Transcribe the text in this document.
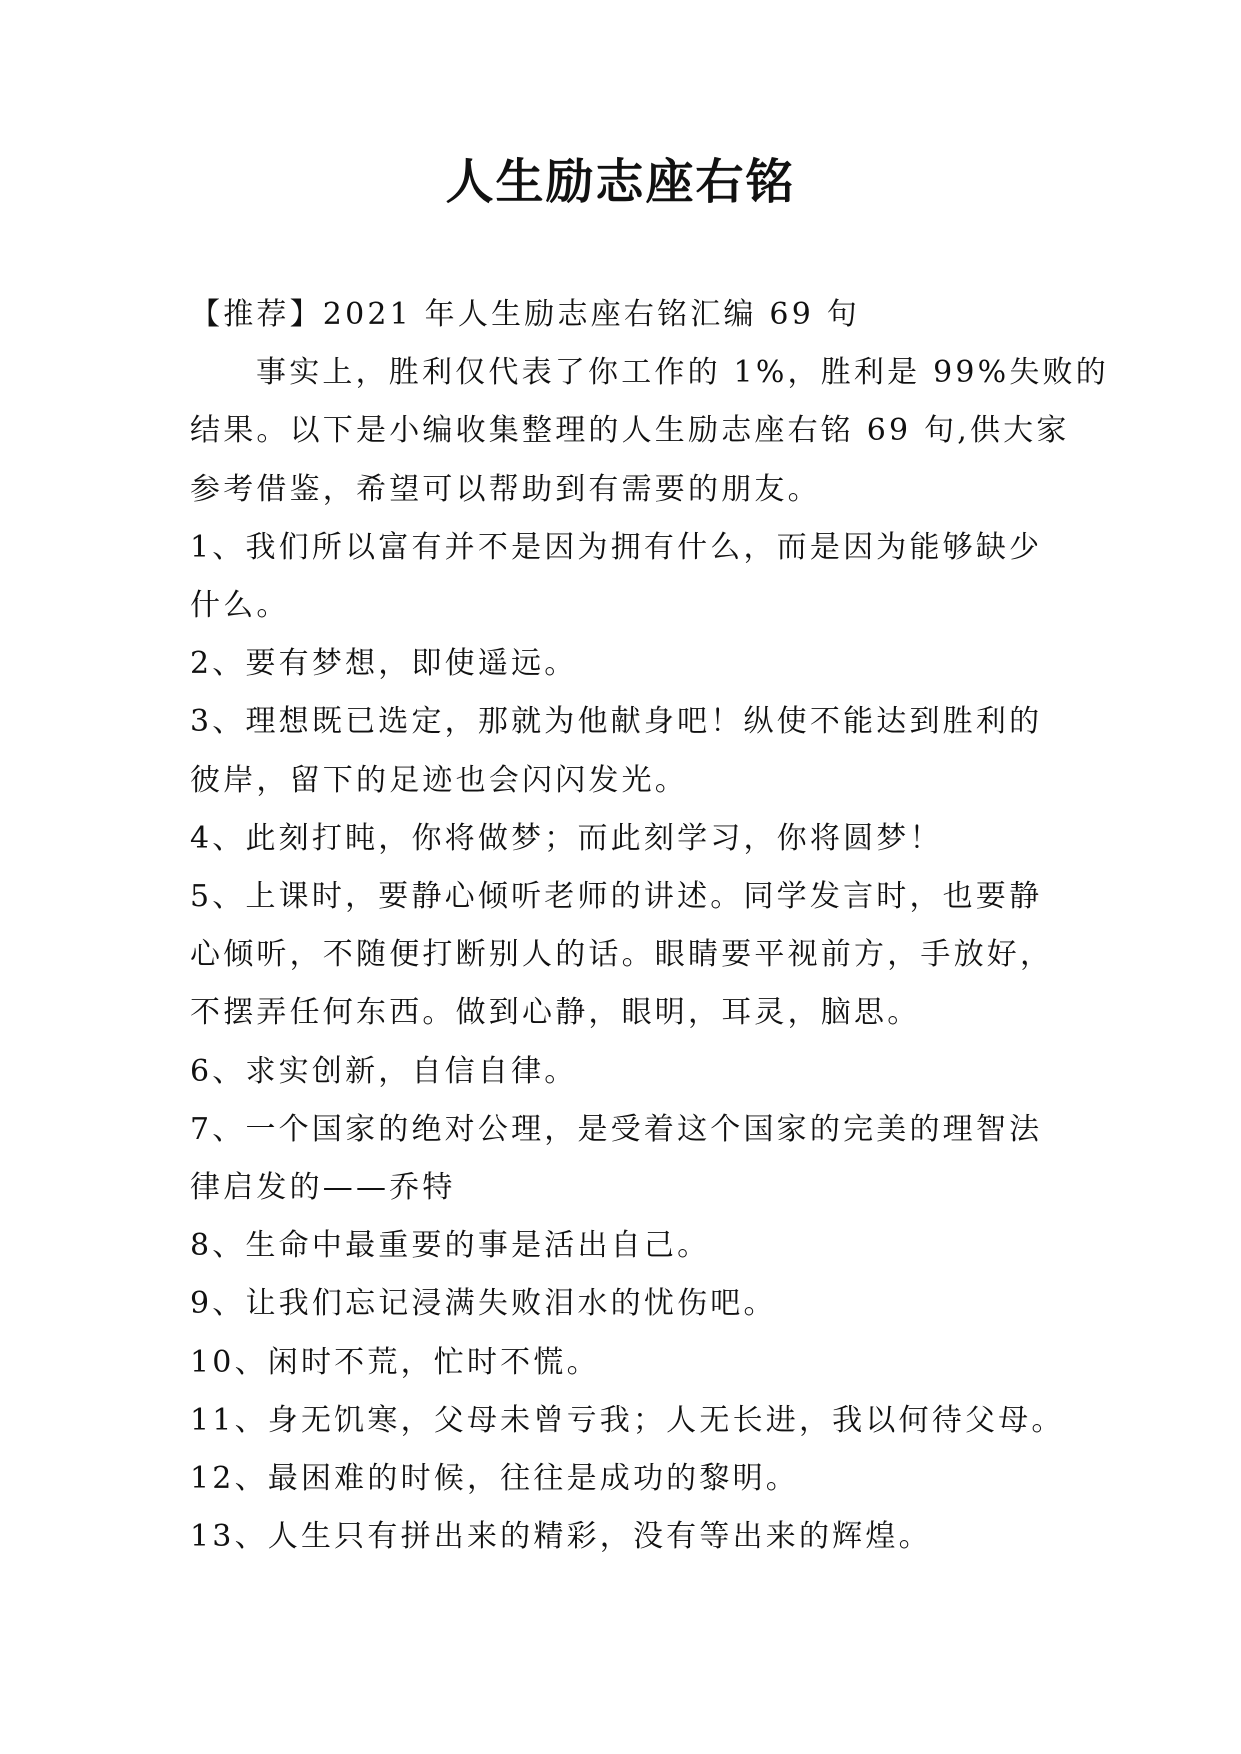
人生励志座右铭
【推荐】2021 年人生励志座右铭汇编 69 句
事实上，胜利仅代表了你工作的 1%，胜利是 99%失败的
结果。以下是小编收集整理的人生励志座右铭 69 句,供大家
参考借鉴，希望可以帮助到有需要的朋友。
1、我们所以富有并不是因为拥有什么，而是因为能够缺少
什么。
2、要有梦想，即使遥远。
3、理想既已选定，那就为他献身吧！纵使不能达到胜利的
彼岸，留下的足迹也会闪闪发光。
4、此刻打盹，你将做梦；而此刻学习，你将圆梦！
5、上课时，要静心倾听老师的讲述。同学发言时，也要静
心倾听，不随便打断别人的话。眼睛要平视前方，手放好，
不摆弄任何东西。做到心静，眼明，耳灵，脑思。
6、求实创新，自信自律。
7、一个国家的绝对公理，是受着这个国家的完美的理智法
律启发的——乔特
8、生命中最重要的事是活出自己。
9、让我们忘记浸满失败泪水的忧伤吧。
10、闲时不荒，忙时不慌。
11、身无饥寒，父母未曾亏我；人无长进，我以何待父母。
12、最困难的时候，往往是成功的黎明。
13、人生只有拼出来的精彩，没有等出来的辉煌。
